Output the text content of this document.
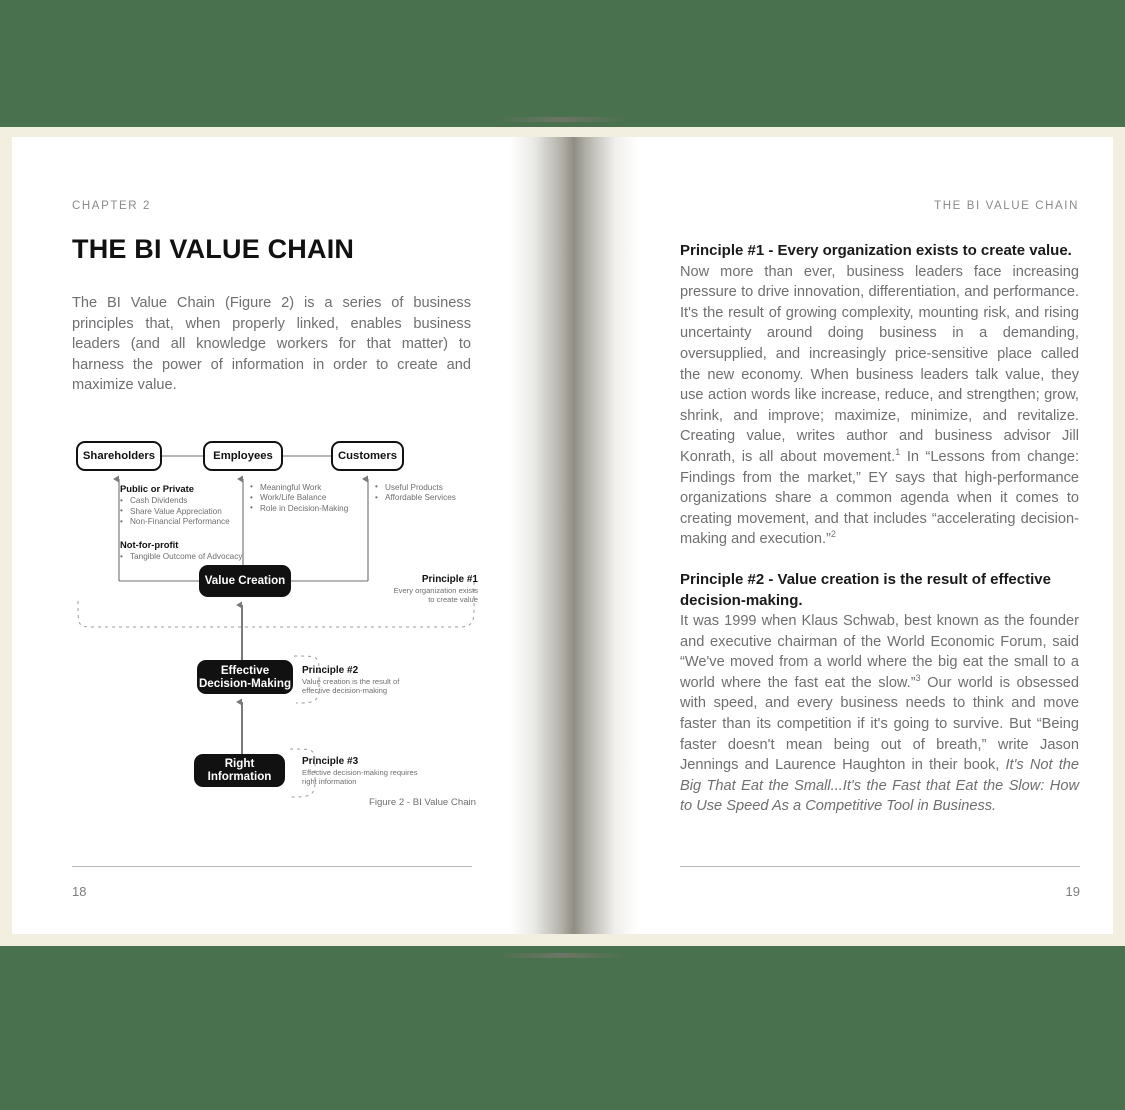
CHAPTER 2
THE BI VALUE CHAIN

The BI Value Chain (Figure 2) is a series of business principles that, when properly linked, enables business leaders (and all knowledge workers for that matter) to harness the power of information in order to create and maximize value.

Shareholders	Employees	Customers
Value Creation
Effective
Decision-Making
Right Information

Public or Private

• Cash Dividends
• Share Value Appreciation
• Non-Financial Performance

Not-for-profit

• Tangible Outcome of Advocacy
• Meaningful Work
• Work/Life Balance
• Role in Decision-Making
• Useful Products
• Affordable Services

Principle #1

Every organization exists

to create value

Principle #2

Value creation is the result of

effective decision-making

Principle #3

Effective decision-making requires

right information

Figure 2 - BI Value Chain
18
THE BI VALUE CHAIN

Principle #1 - Every organization exists to create value.

Now more than ever, business leaders face increasing pressure to drive innovation, differentiation, and performance. It's the result of growing complexity, mounting risk, and rising uncertainty around doing business in a demanding, oversupplied, and increasingly price-sensitive place called the new economy. When business leaders talk value, they use action words like increase, reduce, and strengthen; grow, shrink, and improve; maximize, minimize, and revitalize. Creating value, writes author and business advisor Jill Konrath, is all about movement.$^1$ In “Lessons from change: Findings from the market,” EY says that high-performance organizations share a common agenda when it comes to creating movement, and that includes “accelerating decision-making and execution.”$^2$

Principle #2 - Value creation is the result of effective

decision-making.

It was 1999 when Klaus Schwab, best known as the founder and executive chairman of the World Economic Forum, said “We've moved from a world where the big eat the small to a world where the fast eat the slow.”$^3$ Our world is obsessed with speed, and every business needs to think and move faster than its competition if it's going to survive. But “Being faster doesn't mean being out of breath,” write Jason Jennings and Laurence Haughton in their book, It's Not the Big That Eat the Small...It's the Fast that Eat the Slow: How to Use Speed As a Competitive Tool in Business.

19
